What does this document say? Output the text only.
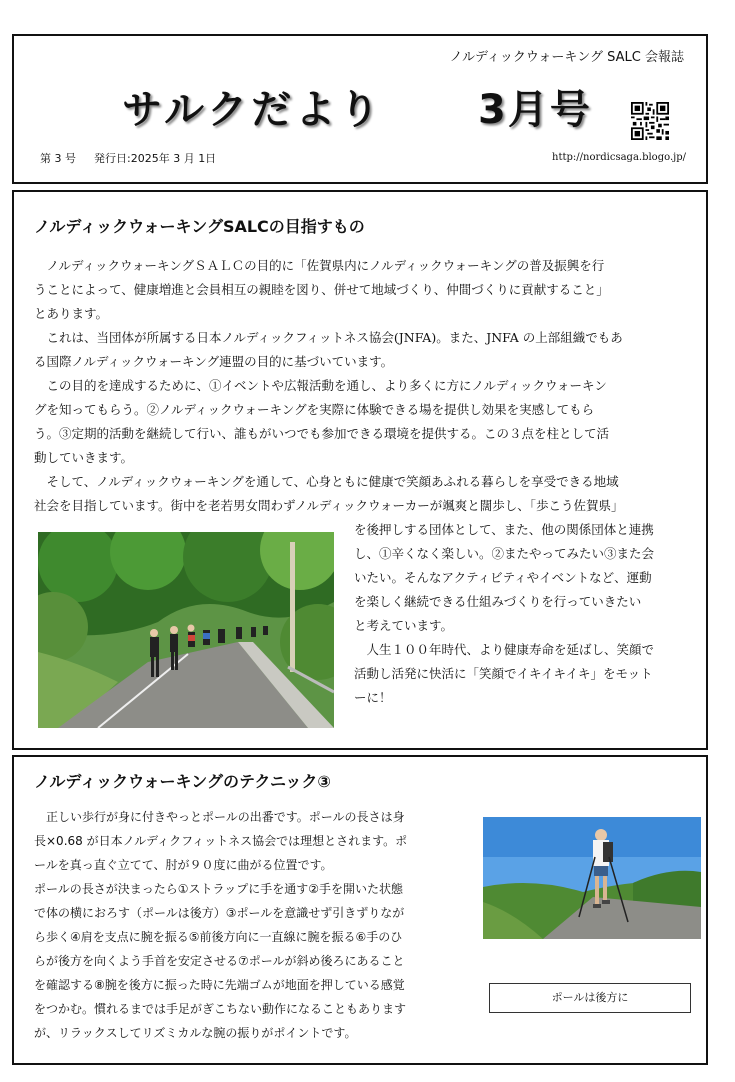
ノルディックウォーキング SALC 会報誌
サルクだより 3月号
第 3 号 発行日:2025年 3 月 1日	http://nordicsaga.blogo.jp/
ノルディックウォーキングSALCの目指すもの
　ノルディックウォーキングＳＡＬＣの目的に「佐賀県内にノルディックウォーキングの普及振興を行
うことによって、健康増進と会員相互の親睦を図り、併せて地域づくり、仲間づくりに貢献すること」
とあります。
　これは、当団体が所属する日本ノルディックフィットネス協会(JNFA)。また、JNFA の上部組織でもあ
る国際ノルディックウォーキング連盟の目的に基づいています。
　この目的を達成するために、①イベントや広報活動を通し、より多くに方にノルディックウォーキン
グを知ってもらう。②ノルディックウォーキングを実際に体験できる場を提供し効果を実感してもら
う。③定期的活動を継続して行い、誰もがいつでも参加できる環境を提供する。この３点を柱として活
動していきます。
　そして、ノルディックウォーキングを通して、心身ともに健康で笑顔あふれる暮らしを享受できる地域
社会を目指しています。街中を老若男女問わずノルディックウォーカーが颯爽と闊歩し、「歩こう佐賀県」
を後押しする団体として、また、他の関係団体と連携
し、①辛くなく楽しい。②またやってみたい③また会
いたい。そんなアクティビティやイベントなど、運動
を楽しく継続できる仕組みづくりを行っていきたい
と考えています。
　人生１００年時代、より健康寿命を延ばし、笑顔で
活動し活発に快活に「笑顔でイキイキイキ」をモット
ーに！
ノルディックウォーキングのテクニック③
　正しい歩行が身に付きやっとポールの出番です。ポールの長さは身
長×0.68 が日本ノルディクフィットネス協会では理想とされます。ポ
ールを真っ直ぐ立てて、肘が９０度に曲がる位置です。
ポールの長さが決まったら①ストラップに手を通す②手を開いた状態
で体の横におろす（ポールは後方）③ポールを意識せず引きずりなが
ら歩く④肩を支点に腕を振る⑤前後方向に一直線に腕を振る⑥手のひ
らが後方を向くよう手首を安定させる⑦ポールが斜め後ろにあること
を確認する⑧腕を後方に振った時に先端ゴムが地面を押している感覚
をつかむ。慣れるまでは手足がぎこちない動作になることもあります
が、リラックスしてリズミカルな腕の振りがポイントです。
ポールは後方に
